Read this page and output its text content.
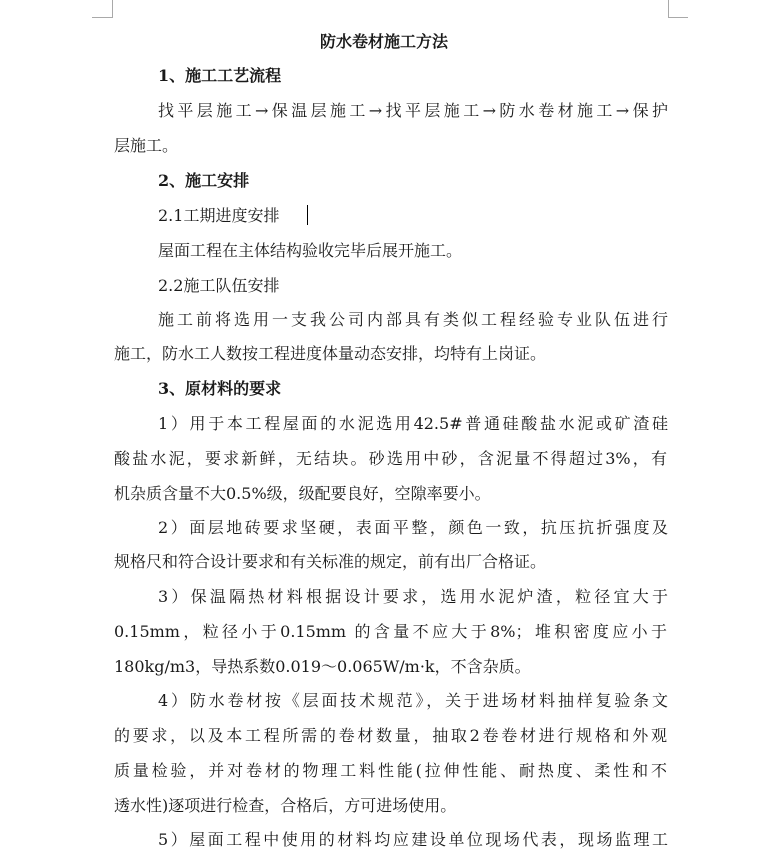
防水卷材施工方法
1、施工工艺流程
找平层施工→保温层施工→找平层施工→防水卷材施工→保护
层施工。
2、施工安排
2.1工期进度安排
屋面工程在主体结构验收完毕后展开施工。
2.2施工队伍安排
施工前将选用一支我公司内部具有类似工程经验专业队伍进行
施工，防水工人数按工程进度体量动态安排，均特有上岗证。
3、原材料的要求
1）用于本工程屋面的水泥选用42.5#普通硅酸盐水泥或矿渣硅
酸盐水泥，要求新鲜，无结块。砂选用中砂，含泥量不得超过3%，有
机杂质含量不大0.5%级，级配要良好，空隙率要小。
2）面层地砖要求坚硬，表面平整，颜色一致，抗压抗折强度及
规格尺和符合设计要求和有关标准的规定，前有出厂合格证。
3）保温隔热材料根据设计要求，选用水泥炉渣，粒径宜大于
0.15mm，粒径小于0.15mm 的含量不应大于8%；堆积密度应小于
180kg/m3，导热系数0.019～0.065W/m·k，不含杂质。
4）防水卷材按《层面技术规范》，关于进场材料抽样复验条文
的要求，以及本工程所需的卷材数量，抽取2卷卷材进行规格和外观
质量检验，并对卷材的物理工料性能(拉伸性能、耐热度、柔性和不
透水性)逐项进行检查，合格后，方可进场使用。
5）屋面工程中使用的材料均应建设单位现场代表，现场监理工
